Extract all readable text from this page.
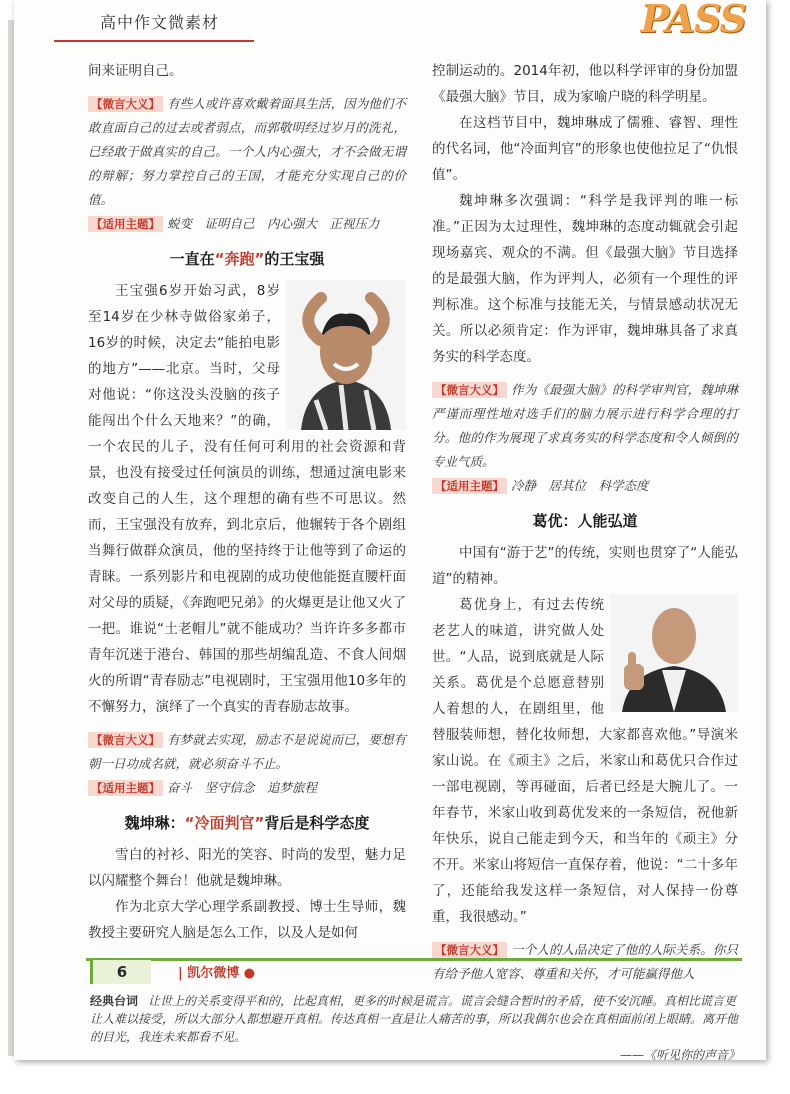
高中作文微素材	PASS

间来证明自己。

【微言大义】 有些人或许喜欢戴着面具生活，因为他们不敢直面自己的过去或者弱点，而郭敬明经过岁月的洗礼，已经敢于做真实的自己。一个人内心强大，才不会做无谓的辩解；努力掌控自己的王国，才能充分实现自己的价值。

【适用主题】 蜕变　证明自己　内心强大　正视压力

一直在“奔跑”的王宝强

王宝强6岁开始习武，8岁至14岁在少林寺做俗家弟子，16岁的时候，决定去“能拍电影的地方”——北京。当时，父母对他说：“你这没头没脑的孩子能闯出个什么天地来？”的确，一个农民的儿子，没有任何可利用的社会资源和背景，也没有接受过任何演员的训练，想通过演电影来改变自己的人生，这个理想的确有些不可思议。然而，王宝强没有放弃，到北京后，他辗转于各个剧组当舞行做群众演员，他的坚持终于让他等到了命运的青睐。一系列影片和电视剧的成功使他能挺直腰杆面对父母的质疑，《奔跑吧兄弟》的火爆更是让他又火了一把。谁说“土老帽儿”就不能成功？当许许多多都市青年沉迷于港台、韩国的那些胡编乱造、不食人间烟火的所谓“青春励志”电视剧时，王宝强用他10多年的不懈努力，演绎了一个真实的青春励志故事。

【微言大义】 有梦就去实现，励志不是说说而已，要想有朝一日功成名就，就必须奋斗不止。

【适用主题】 奋斗　坚守信念　追梦旅程

魏坤琳：“冷面判官”背后是科学态度

雪白的衬衫、阳光的笑容、时尚的发型，魅力足以闪耀整个舞台！他就是魏坤琳。

作为北京大学心理学系副教授、博士生导师，魏教授主要研究人脑是怎么工作，以及人是如何

控制运动的。2014年初，他以科学评审的身份加盟《最强大脑》节目，成为家喻户晓的科学明星。

在这档节目中，魏坤琳成了儒雅、睿智、理性的代名词，他“冷面判官”的形象也使他拉足了“仇恨值”。

魏坤琳多次强调：“科学是我评判的唯一标准。”正因为太过理性，魏坤琳的态度动辄就会引起现场嘉宾、观众的不满。但《最强大脑》节目选择的是最强大脑，作为评判人，必须有一个理性的评判标准。这个标准与技能无关，与情景感动状况无关。所以必须肯定：作为评审，魏坤琳具备了求真务实的科学态度。

【微言大义】 作为《最强大脑》的科学审判官，魏坤琳严谨而理性地对选手们的脑力展示进行科学合理的打分。他的作为展现了求真务实的科学态度和令人倾倒的专业气质。

【适用主题】 冷静　居其位　科学态度

葛优：人能弘道

中国有“游于艺”的传统，实则也贯穿了“人能弘道”的精神。

葛优身上，有过去传统老艺人的味道，讲究做人处世。“人品，说到底就是人际关系。葛优是个总愿意替别人着想的人，在剧组里，他替服装师想，替化妆师想，大家都喜欢他。”导演米家山说。在《顽主》之后，米家山和葛优只合作过一部电视剧，等再碰面，后者已经是大腕儿了。一年春节，米家山收到葛优发来的一条短信，祝他新年快乐，说自己能走到今天，和当年的《顽主》分不开。米家山将短信一直保存着，他说：“二十多年了，还能给我发这样一条短信，对人保持一份尊重，我很感动。”

【微言大义】 一个人的人品决定了他的人际关系。你只有给予他人宽容、尊重和关怀，才可能赢得他人

6	| 凯尔微博 ●
经典台词 让世上的关系变得平和的，比起真相，更多的时候是谎言。谎言会缝合暂时的矛盾，使不安沉睡。真相比谎言更让人难以接受，所以大部分人都想避开真相。传达真相一直是让人痛苦的事，所以我偶尔也会在真相面前闭上眼睛。离开他的目光，我连未来都看不见。
——《听见你的声音》
